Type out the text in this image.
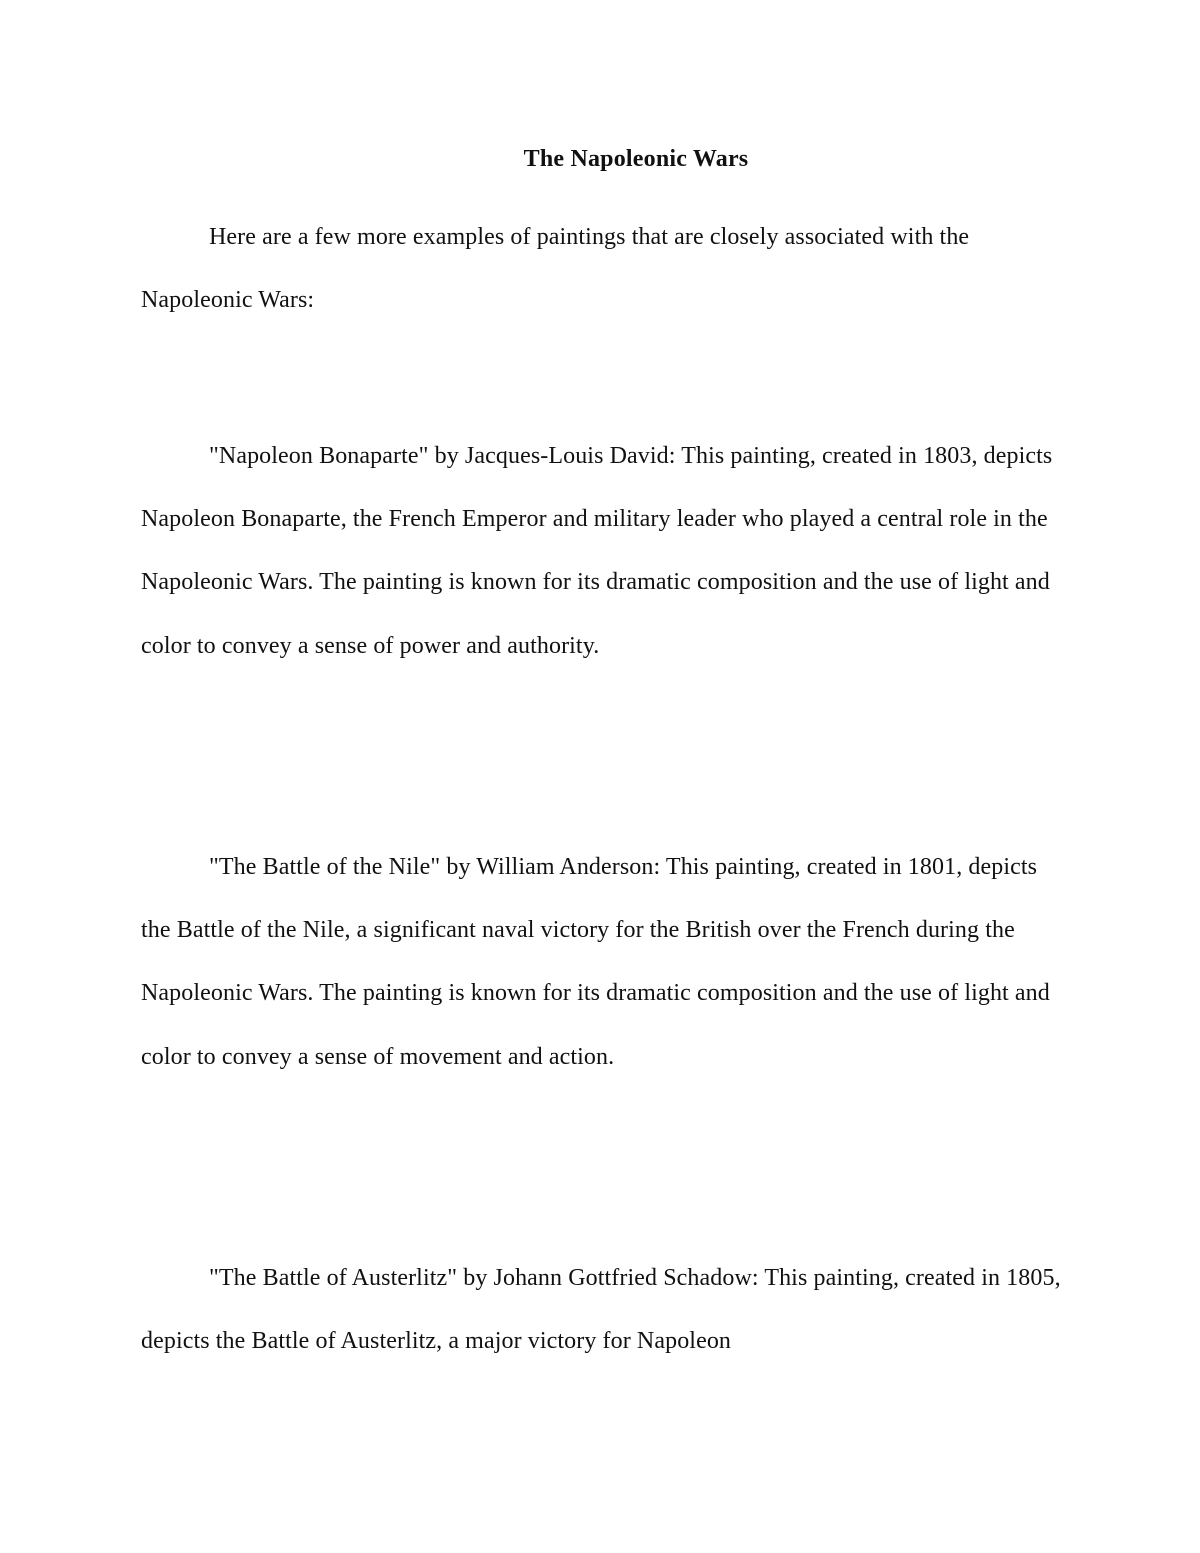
The Napoleonic Wars

Here are a few more examples of paintings that are closely associated with the Napoleonic Wars:

"Napoleon Bonaparte" by Jacques-Louis David: This painting, created in 1803, depicts Napoleon Bonaparte, the French Emperor and military leader who played a central role in the Napoleonic Wars. The painting is known for its dramatic composition and the use of light and color to convey a sense of power and authority.

"The Battle of the Nile" by William Anderson: This painting, created in 1801, depicts the Battle of the Nile, a significant naval victory for the British over the French during the Napoleonic Wars. The painting is known for its dramatic composition and the use of light and color to convey a sense of movement and action.

"The Battle of Austerlitz" by Johann Gottfried Schadow: This painting, created in 1805, depicts the Battle of Austerlitz, a major victory for Napoleon
